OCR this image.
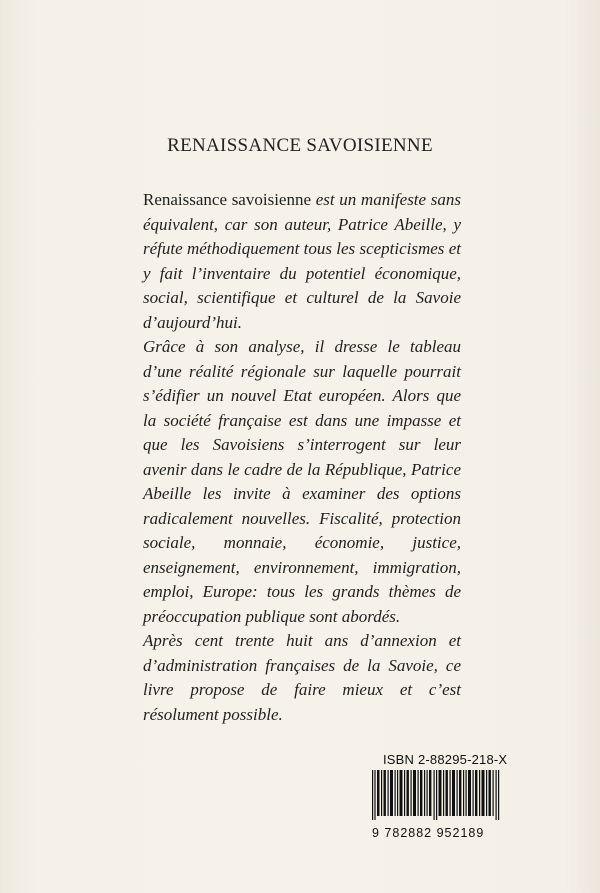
RENAISSANCE SAVOISIENNE

Renaissance savoisienne est un manifeste sans équivalent, car son auteur, Patrice Abeille, y réfute méthodiquement tous les scepticismes et y fait l’inventaire du potentiel économique, social, scientifique et culturel de la Savoie d’aujourd’hui.

Grâce à son analyse, il dresse le tableau d’une réalité régionale sur laquelle pourrait s’édifier un nouvel Etat européen. Alors que la société française est dans une impasse et que les Savoisiens s’interrogent sur leur avenir dans le cadre de la République, Patrice Abeille les invite à examiner des options radicalement nouvelles. Fiscalité, protection sociale, monnaie, économie, justice, enseignement, environnement, immigration, emploi, Europe: tous les grands thèmes de préoccupation publique sont abordés.

Après cent trente huit ans d’annexion et d’administration françaises de la Savoie, ce livre propose de faire mieux et c’est résolument possible.

ISBN 2-88295-218-X
9 782882 952189
